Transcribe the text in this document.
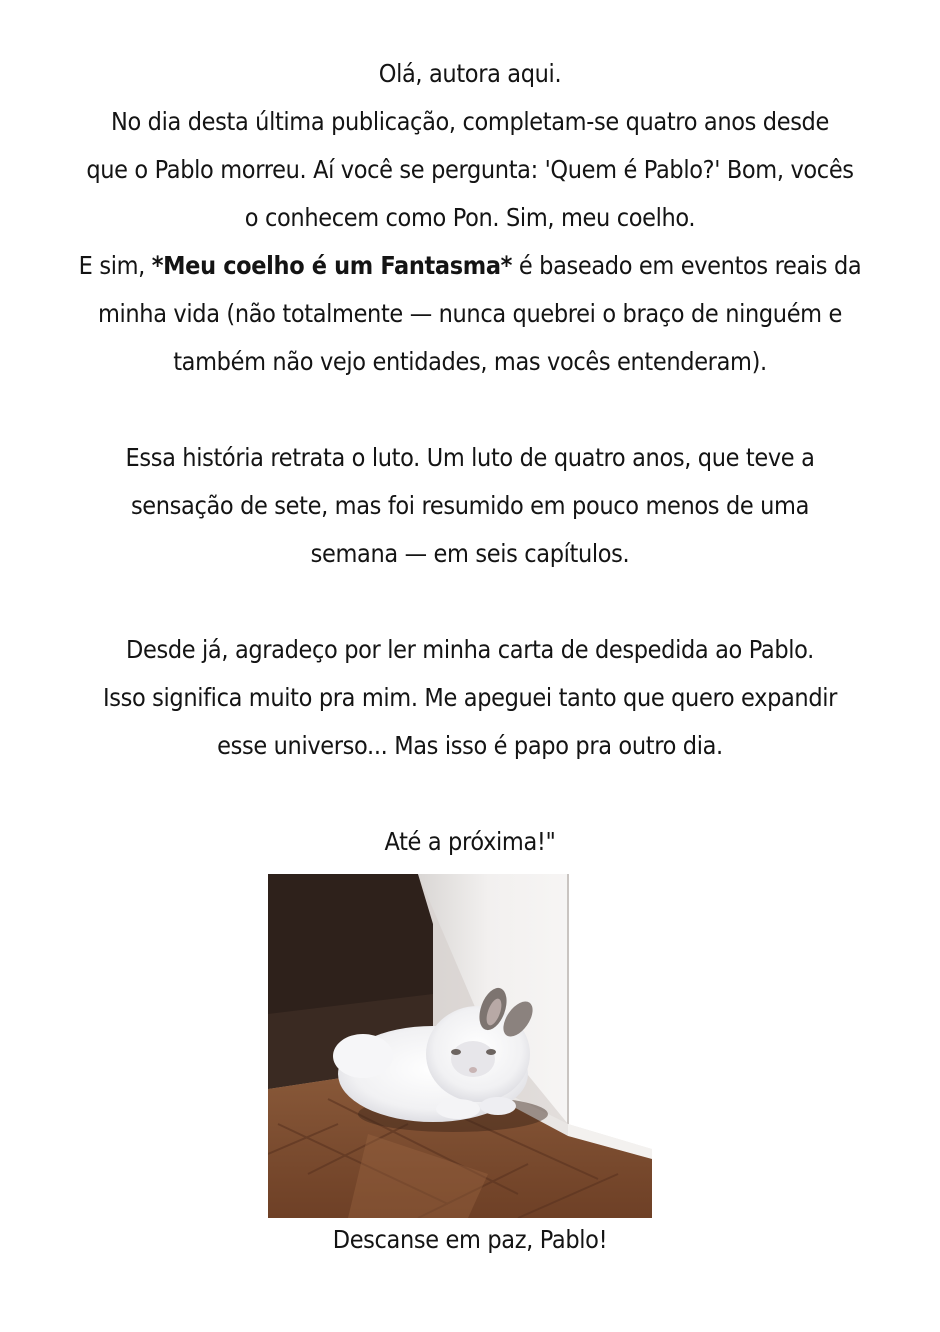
Olá, autora aqui.
No dia desta última publicação, completam-se quatro anos desde
que o Pablo morreu. Aí você se pergunta: 'Quem é Pablo?' Bom, vocês
o conhecem como Pon. Sim, meu coelho.
E sim, *Meu coelho é um Fantasma* é baseado em eventos reais da
minha vida (não totalmente — nunca quebrei o braço de ninguém e
também não vejo entidades, mas vocês entenderam).
Essa história retrata o luto. Um luto de quatro anos, que teve a
sensação de sete, mas foi resumido em pouco menos de uma
semana — em seis capítulos.
Desde já, agradeço por ler minha carta de despedida ao Pablo.
Isso significa muito pra mim. Me apeguei tanto que quero expandir
esse universo... Mas isso é papo pra outro dia.
Até a próxima!"
Descanse em paz, Pablo!
